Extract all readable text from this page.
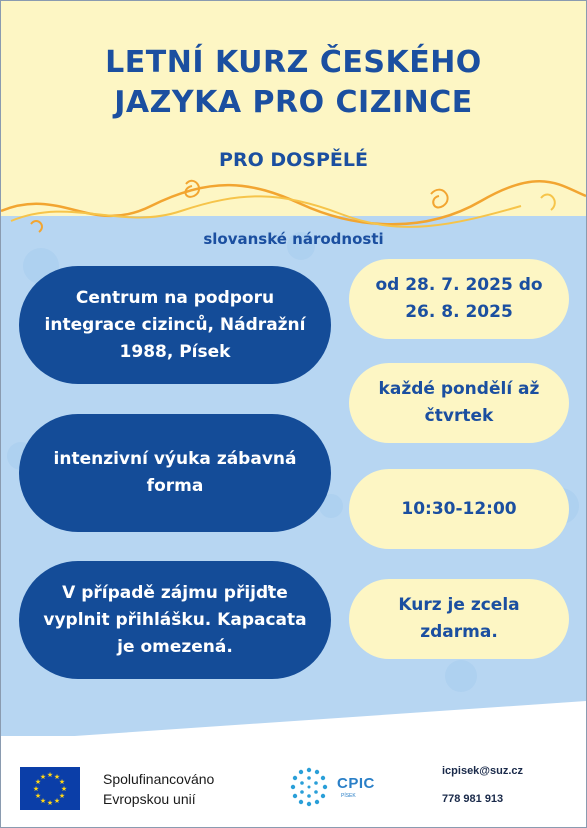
LETNÍ KURZ ČESKÉHO
JAZYKA PRO CIZINCE
PRO DOSPĚLÉ
slovanské národnosti
Centrum na podporu integrace cizinců, Nádražní 1988, Písek
intenzivní výuka zábavná forma
V případě zájmu přijďte vyplnit přihlášku. Kapacata je omezená.
od 28. 7. 2025 do 26. 8. 2025
každé pondělí až čtvrtek
10:30-12:00
Kurz je zcela zdarma.
★ ★
★
★
★
★
★
★
★
★
★
★	Spolufinancováno
Evropskou unií
CPIC
PÍSEK
icpisek@suz.cz
778 981 913
